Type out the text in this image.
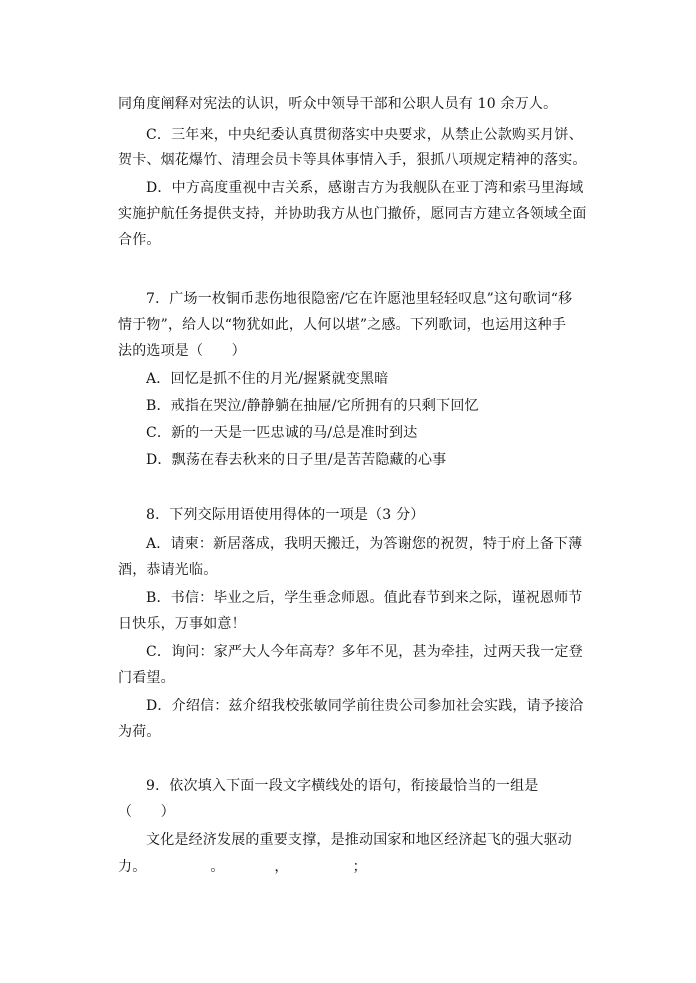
同角度阐释对宪法的认识，听众中领导干部和公职人员有 10 余万人。
C．三年来，中央纪委认真贯彻落实中央要求，从禁止公款购买月饼、
贺卡、烟花爆竹、清理会员卡等具体事情入手，狠抓八项规定精神的落实。
D．中方高度重视中吉关系，感谢吉方为我舰队在亚丁湾和索马里海域
实施护航任务提供支持，并协助我方从也门撤侨，愿同吉方建立各领域全面
合作。
7．广场一枚铜币悲伤地很隐密/它在许愿池里轻轻叹息”这句歌词“移
情于物”，给人以“物犹如此，人何以堪”之感。下列歌词，也运用这种手
法的选项是（　　）
A．回忆是抓不住的月光/握紧就变黑暗
B．戒指在哭泣/静静躺在抽屉/它所拥有的只剩下回忆
C．新的一天是一匹忠诚的马/总是准时到达
D．飘荡在春去秋来的日子里/是苦苦隐藏的心事
8．下列交际用语使用得体的一项是（3 分）
A．请柬：新居落成，我明天搬迁，为答谢您的祝贺，特于府上备下薄
酒，恭请光临。
B．书信：毕业之后，学生垂念师恩。值此春节到来之际，谨祝恩师节
日快乐，万事如意！
C．询问：家严大人今年高寿？多年不见，甚为牵挂，过两天我一定登
门看望。
D．介绍信：兹介绍我校张敏同学前往贵公司参加社会实践，请予接洽
为荷。
9．依次填入下面一段文字横线处的语句，衔接最恰当的一组是
（　　）
文化是经济发展的重要支撑，是推动国家和地区经济起飞的强大驱动
力。　　　　　。　　　　，　　　　　；
